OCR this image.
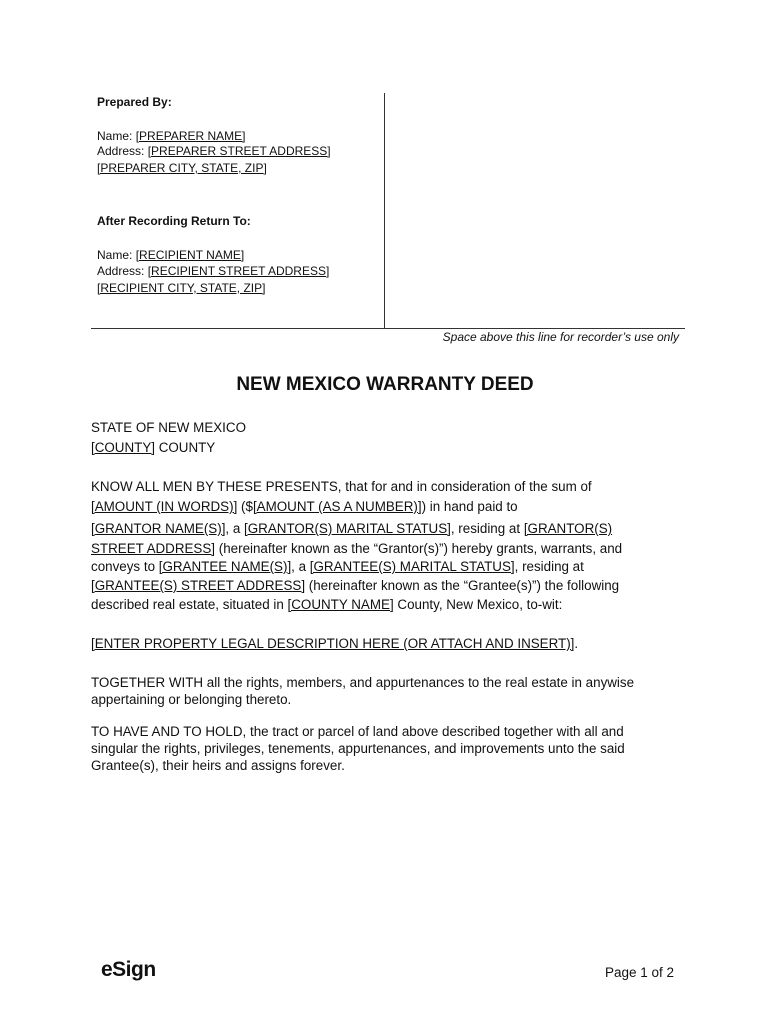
Prepared By:
Name: [PREPARER NAME]
Address: [PREPARER STREET ADDRESS]
[PREPARER CITY, STATE, ZIP]
After Recording Return To:
Name: [RECIPIENT NAME]
Address: [RECIPIENT STREET ADDRESS]
[RECIPIENT CITY, STATE, ZIP]
Space above this line for recorder’s use only
NEW MEXICO WARRANTY DEED
STATE OF NEW MEXICO
[COUNTY] COUNTY
KNOW ALL MEN BY THESE PRESENTS, that for and in consideration of the sum of
[AMOUNT (IN WORDS)] ($[AMOUNT (AS A NUMBER)]) in hand paid to
[GRANTOR NAME(S)], a [GRANTOR(S) MARITAL STATUS], residing at [GRANTOR(S)
STREET ADDRESS] (hereinafter known as the “Grantor(s)”) hereby grants, warrants, and
conveys to [GRANTEE NAME(S)], a [GRANTEE(S) MARITAL STATUS], residing at
[GRANTEE(S) STREET ADDRESS] (hereinafter known as the “Grantee(s)”) the following
described real estate, situated in [COUNTY NAME] County, New Mexico, to-wit:
[ENTER PROPERTY LEGAL DESCRIPTION HERE (OR ATTACH AND INSERT)].

TOGETHER WITH all the rights, members, and appurtenances to the real estate in anywise appertaining or belonging thereto.

TO HAVE AND TO HOLD, the tract or parcel of land above described together with all and singular the rights, privileges, tenements, appurtenances, and improvements unto the said Grantee(s), their heirs and assigns forever.

eSign	Page 1 of 2
